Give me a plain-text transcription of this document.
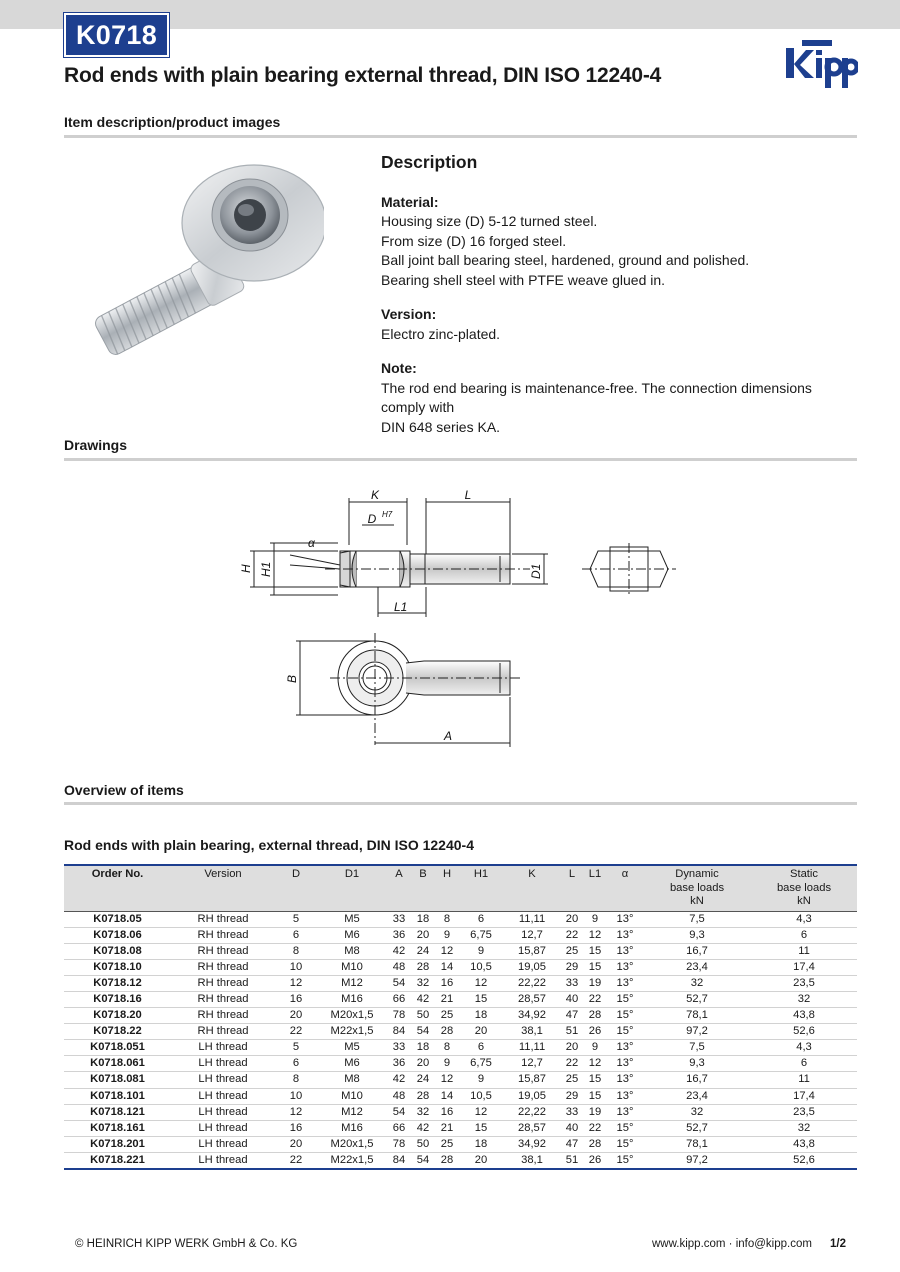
K0718
Rod ends with plain bearing external thread, DIN ISO 12240-4
Item description/product images
Description
Material:
Housing size (D) 5-12 turned steel.
From size (D) 16 forged steel.
Ball joint ball bearing steel, hardened, ground and polished.
Bearing shell steel with PTFE weave glued in.
Version:
Electro zinc-plated.
Note:
The rod end bearing is maintenance-free. The connection dimensions comply with
DIN 648 series KA.
Drawings
K	L
D H7
α
H H1	D1
L1
B
A
Overview of items
Rod ends with plain bearing, external thread, DIN ISO 12240-4
Order No.	Version	D	D1	A	B	H	H1	K	L	L1	α	Dynamic
base loads
kN	Static
base loads
kN
K0718.05	RH thread	5	M5	33	18	8	6	11,11	20	9	13°	7,5	4,3
K0718.06	RH thread	6	M6	36	20	9	6,75	12,7	22	12	13°	9,3	6
K0718.08	RH thread	8	M8	42	24	12	9	15,87	25	15	13°	16,7	11
K0718.10	RH thread	10	M10	48	28	14	10,5	19,05	29	15	13°	23,4	17,4
K0718.12	RH thread	12	M12	54	32	16	12	22,22	33	19	13°	32	23,5
K0718.16	RH thread	16	M16	66	42	21	15	28,57	40	22	15°	52,7	32
K0718.20	RH thread	20	M20x1,5	78	50	25	18	34,92	47	28	15°	78,1	43,8
K0718.22	RH thread	22	M22x1,5	84	54	28	20	38,1	51	26	15°	97,2	52,6
K0718.051	LH thread	5	M5	33	18	8	6	11,11	20	9	13°	7,5	4,3
K0718.061	LH thread	6	M6	36	20	9	6,75	12,7	22	12	13°	9,3	6
K0718.081	LH thread	8	M8	42	24	12	9	15,87	25	15	13°	16,7	11
K0718.101	LH thread	10	M10	48	28	14	10,5	19,05	29	15	13°	23,4	17,4
K0718.121	LH thread	12	M12	54	32	16	12	22,22	33	19	13°	32	23,5
K0718.161	LH thread	16	M16	66	42	21	15	28,57	40	22	15°	52,7	32
K0718.201	LH thread	20	M20x1,5	78	50	25	18	34,92	47	28	15°	78,1	43,8
K0718.221	LH thread	22	M22x1,5	84	54	28	20	38,1	51	26	15°	97,2	52,6
© HEINRICH KIPP WERK GmbH & Co. KG	www.kipp.com · info@kipp.com 1/2
